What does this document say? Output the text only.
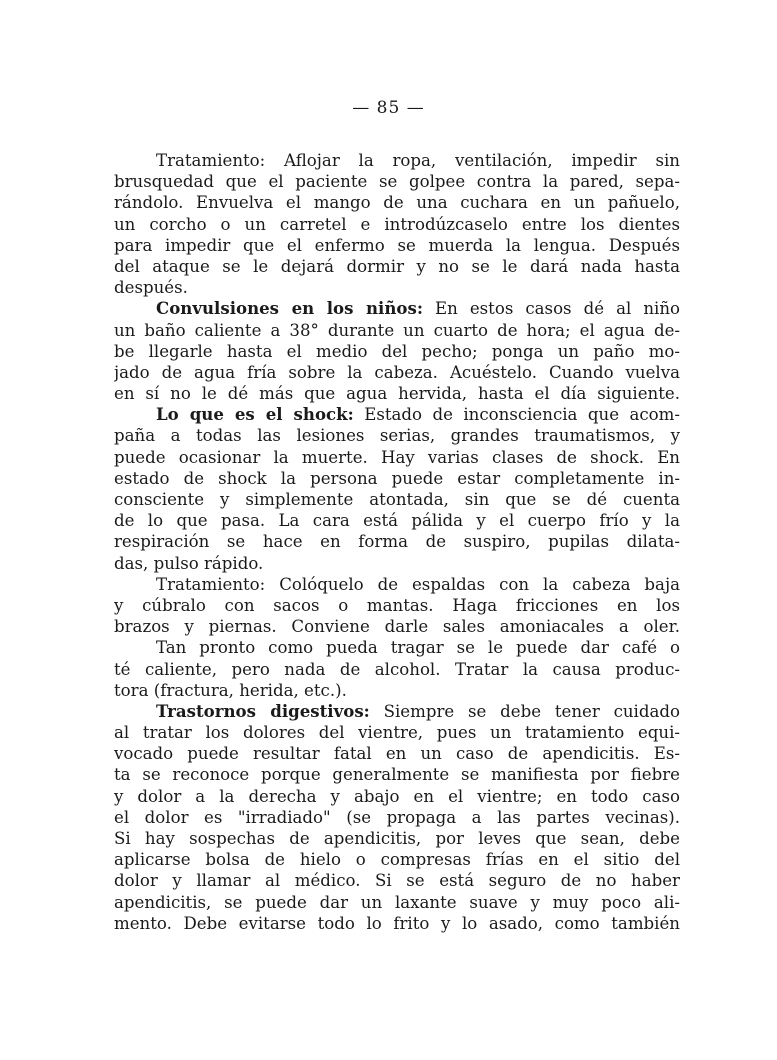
— 85 —
Tratamiento: Aflojar la ropa, ventilación, impedir sin
brusquedad que el paciente se golpee contra la pared, sepa-
rándolo. Envuelva el mango de una cuchara en un pañuelo,
un corcho o un carretel e introdúzcaselo entre los dientes
para impedir que el enfermo se muerda la lengua. Después
del ataque se le dejará dormir y no se le dará nada hasta
después.
Convulsiones en los niños: En estos casos dé al niño
un baño caliente a 38° durante un cuarto de hora; el agua de-
be llegarle hasta el medio del pecho; ponga un paño mo-
jado de agua fría sobre la cabeza. Acuéstelo. Cuando vuelva
en sí no le dé más que agua hervida, hasta el día siguiente.
Lo que es el shock: Estado de inconsciencia que acom-
paña a todas las lesiones serias, grandes traumatismos, y
puede ocasionar la muerte. Hay varias clases de shock. En
estado de shock la persona puede estar completamente in-
consciente y simplemente atontada, sin que se dé cuenta
de lo que pasa. La cara está pálida y el cuerpo frío y la
respiración se hace en forma de suspiro, pupilas dilata-
das, pulso rápido.
Tratamiento: Colóquelo de espaldas con la cabeza baja
y cúbralo con sacos o mantas. Haga fricciones en los
brazos y piernas. Conviene darle sales amoniacales a oler.
Tan pronto como pueda tragar se le puede dar café o
té caliente, pero nada de alcohol. Tratar la causa produc-
tora (fractura, herida, etc.).
Trastornos digestivos: Siempre se debe tener cuidado
al tratar los dolores del vientre, pues un tratamiento equi-
vocado puede resultar fatal en un caso de apendicitis. Es-
ta se reconoce porque generalmente se manifiesta por fiebre
y dolor a la derecha y abajo en el vientre; en todo caso
el dolor es "irradiado" (se propaga a las partes vecinas).
Si hay sospechas de apendicitis, por leves que sean, debe
aplicarse bolsa de hielo o compresas frías en el sitio del
dolor y llamar al médico. Si se está seguro de no haber
apendicitis, se puede dar un laxante suave y muy poco ali-
mento. Debe evitarse todo lo frito y lo asado, como también
